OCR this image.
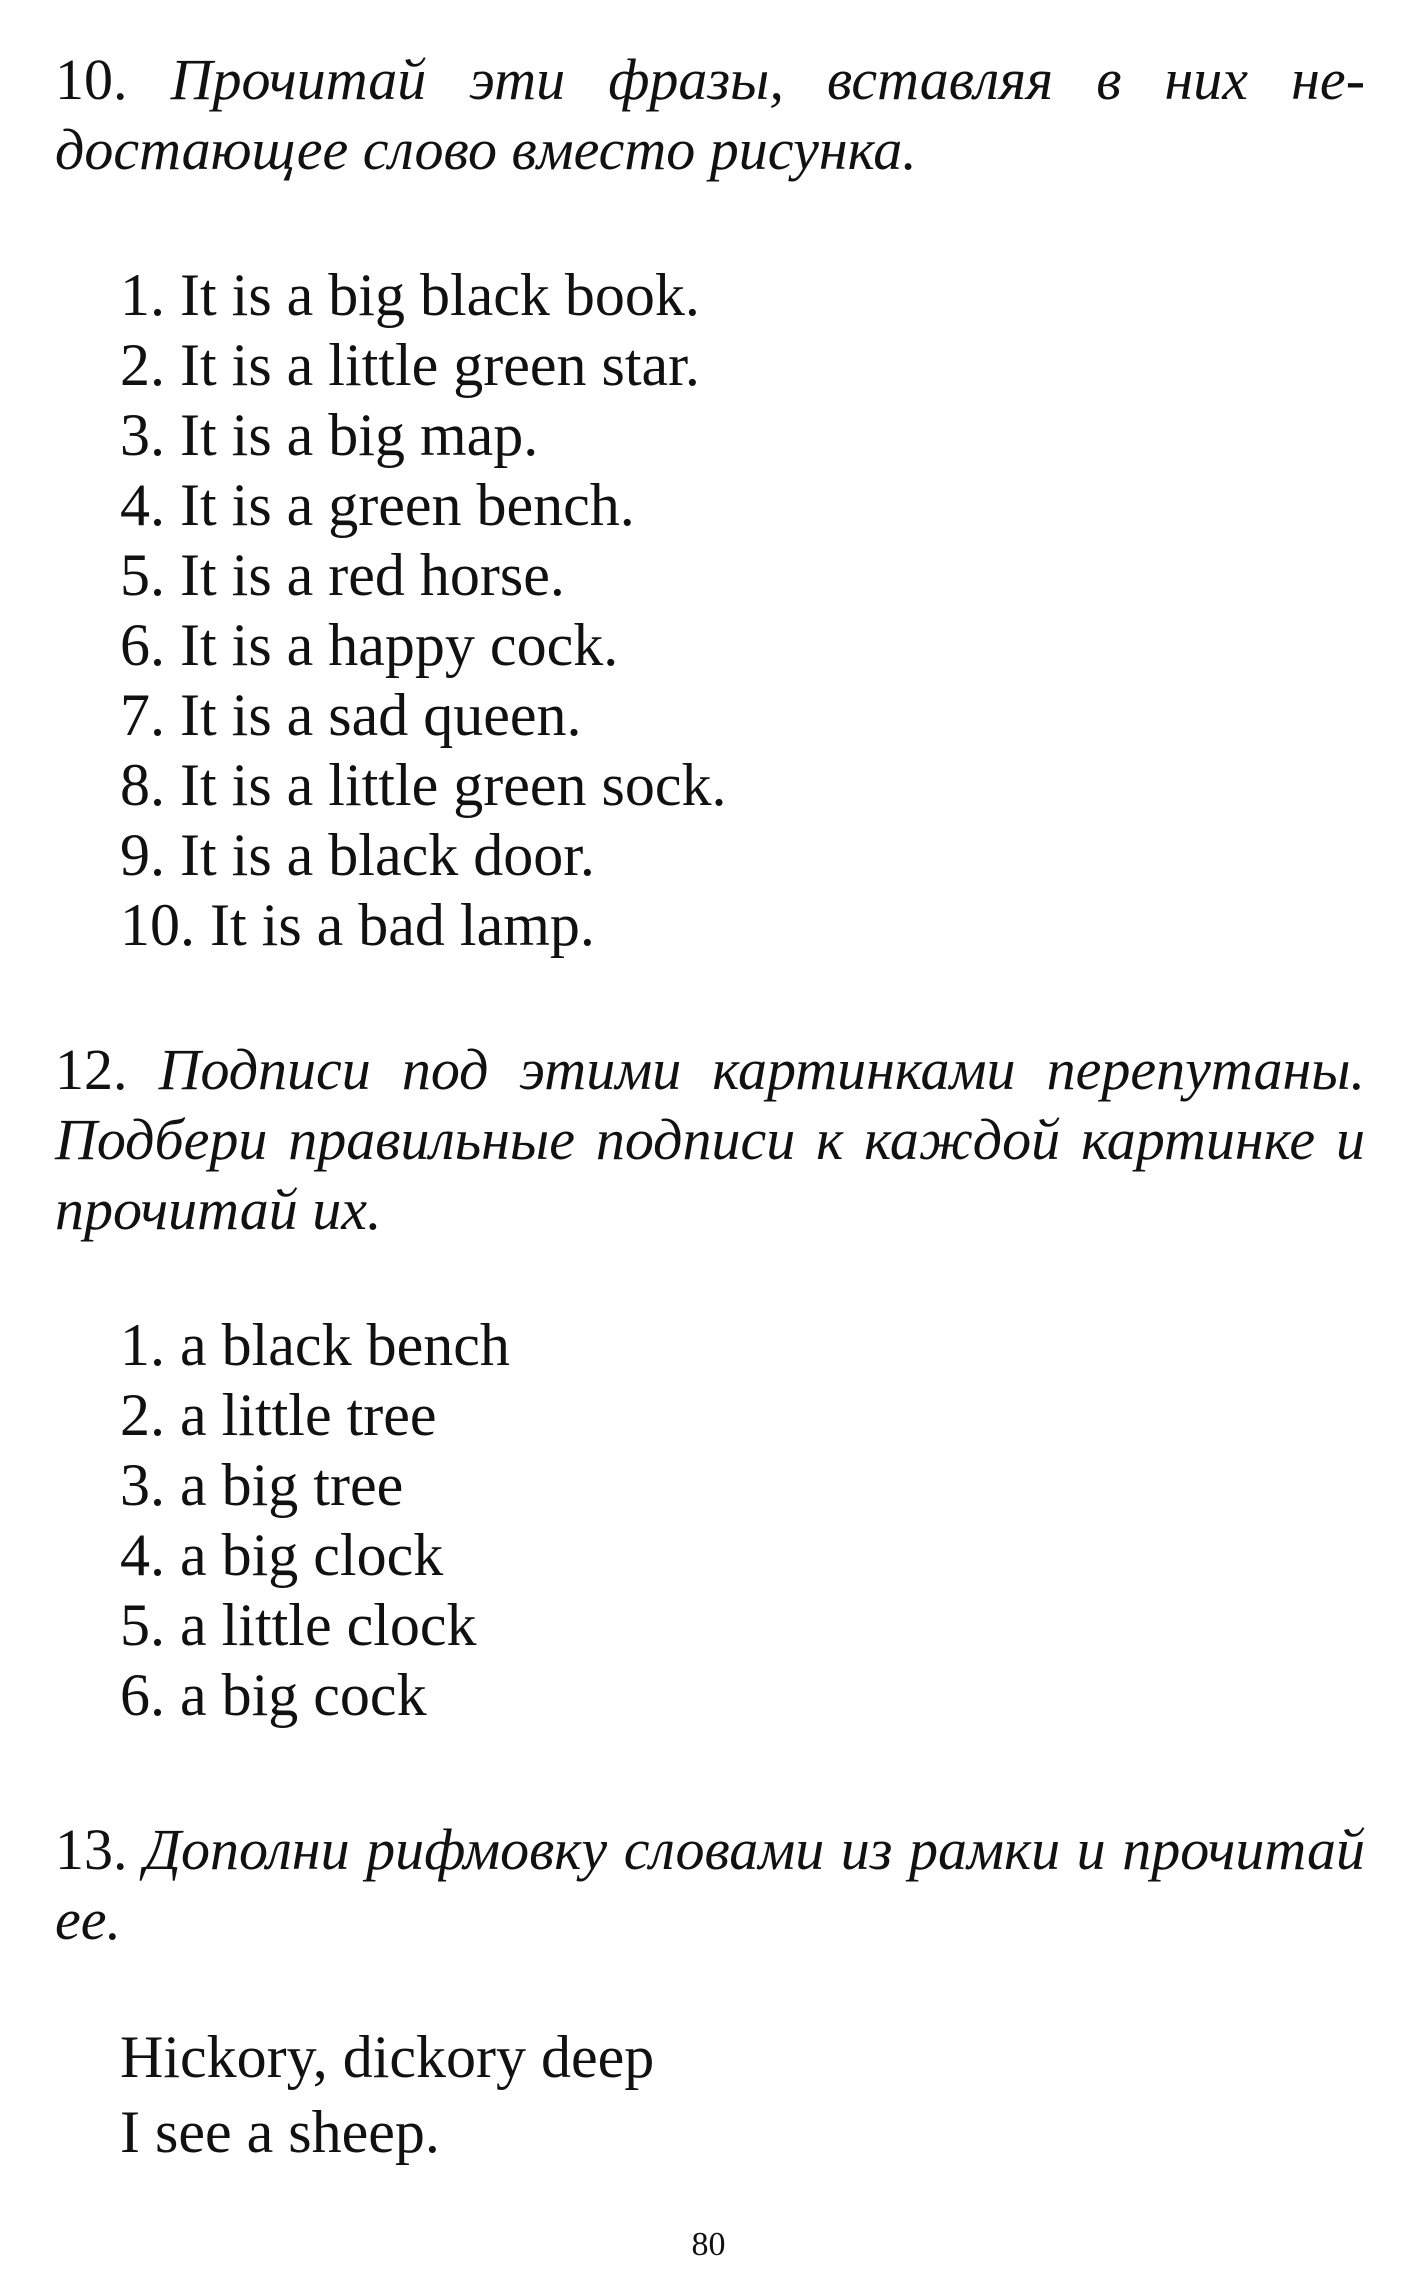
10. Прочитай эти фразы, вставляя в них недостающее слово вместо рисунка.
1. It is a big black book.
2. It is a little green star.
3. It is a big map.
4. It is a green bench.
5. It is a red horse.
6. It is a happy cock.
7. It is a sad queen.
8. It is a little green sock.
9. It is a black door.
10. It is a bad lamp.
12. Подписи под этими картинками перепутаны. Подбери правильные подписи к каждой картинке и прочитай их.
1. a black bench
2. a little tree
3. a big tree
4. a big clock
5. a little clock
6. a big cock
13. Дополни рифмовку словами из рамки и прочитай ее.
Hickory, dickory deep
I see a sheep.
80
